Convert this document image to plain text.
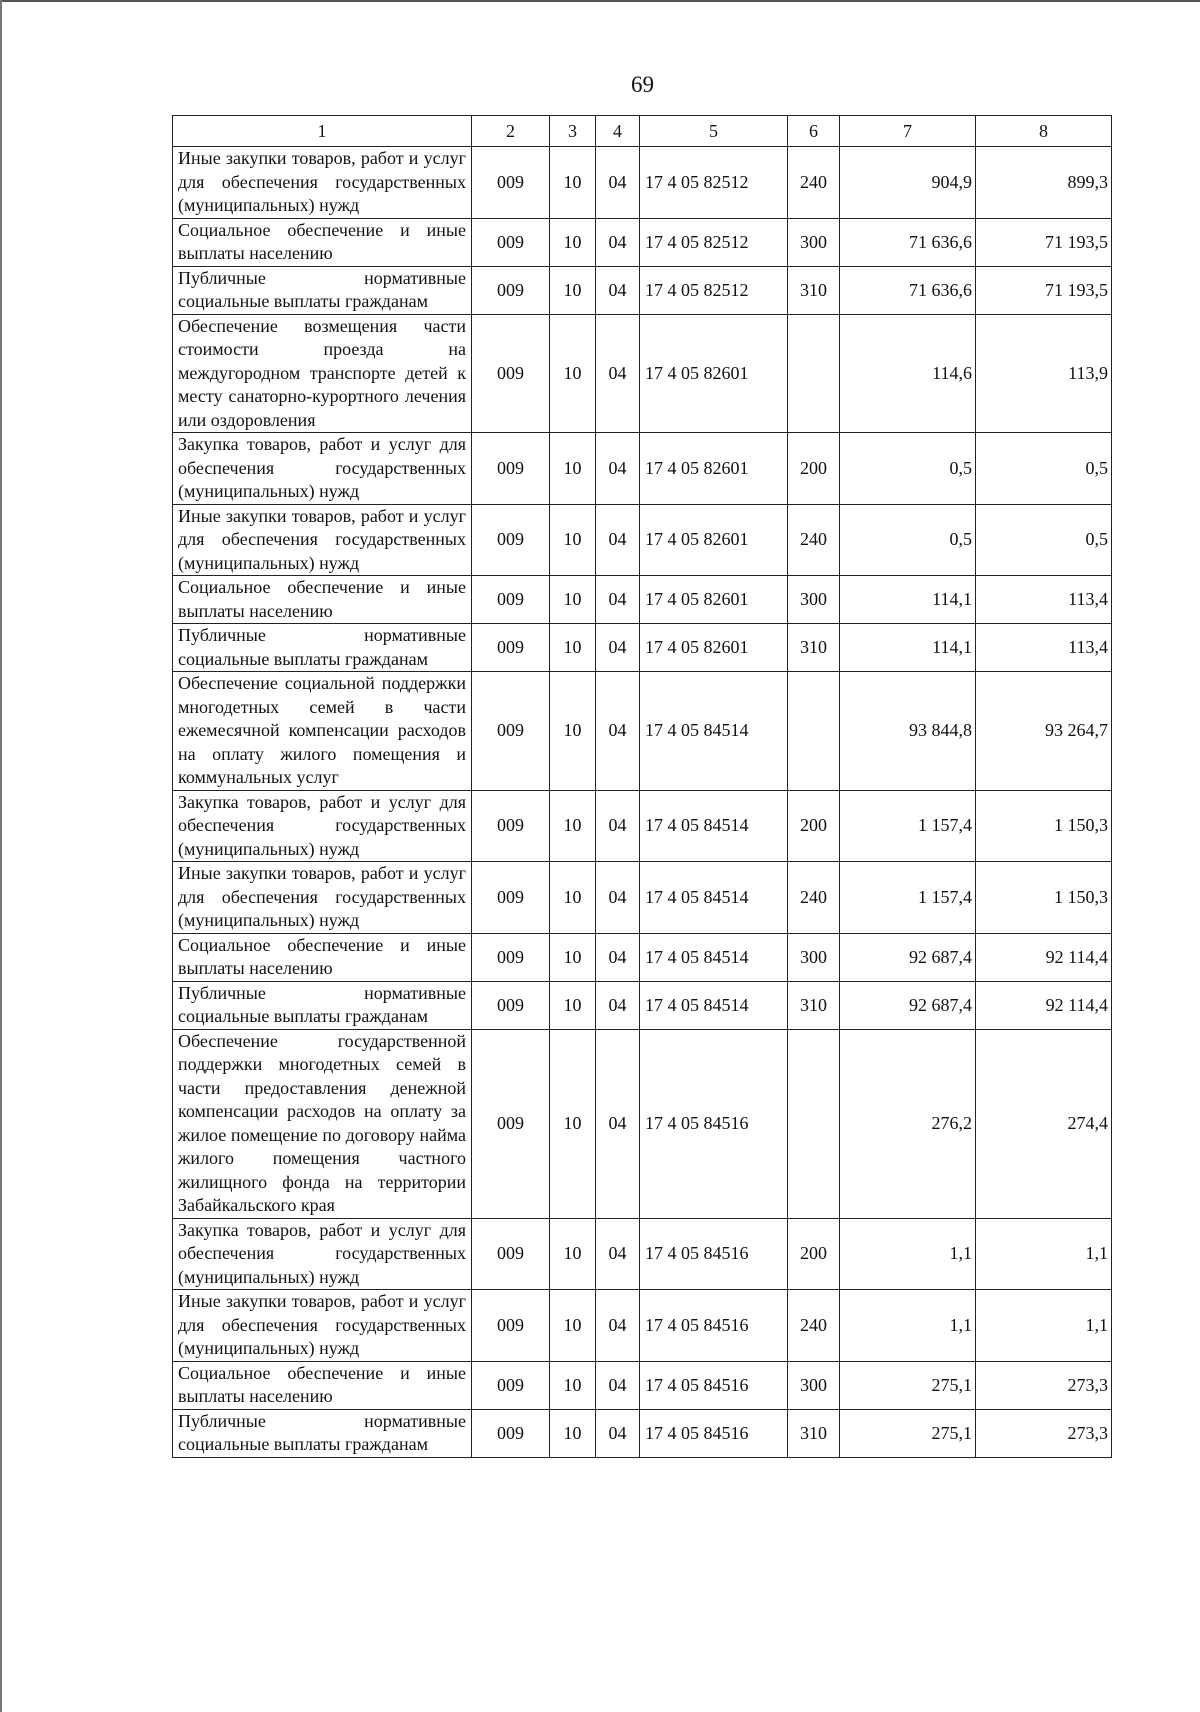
69
1	2	3	4	5	6	7	8
Иные закупки товаров, работ и услуг для обеспечения государственных (муниципальных) нужд	009	10	04	17 4 05 82512	240	904,9	899,3
Социальное обеспечение и иные выплаты населению	009	10	04	17 4 05 82512	300	71 636,6	71 193,5
Публичные нормативные социальные выплаты гражданам	009	10	04	17 4 05 82512	310	71 636,6	71 193,5
Обеспечение возмещения части стоимости проезда на междугородном транспорте детей к месту санаторно-курортного лечения или оздоровления	009	10	04	17 4 05 82601		114,6	113,9
Закупка товаров, работ и услуг для обеспечения государственных (муниципальных) нужд	009	10	04	17 4 05 82601	200	0,5	0,5
Иные закупки товаров, работ и услуг для обеспечения государственных (муниципальных) нужд	009	10	04	17 4 05 82601	240	0,5	0,5
Социальное обеспечение и иные выплаты населению	009	10	04	17 4 05 82601	300	114,1	113,4
Публичные нормативные социальные выплаты гражданам	009	10	04	17 4 05 82601	310	114,1	113,4
Обеспечение социальной поддержки многодетных семей в части ежемесячной компенсации расходов на оплату жилого помещения и коммунальных услуг	009	10	04	17 4 05 84514		93 844,8	93 264,7
Закупка товаров, работ и услуг для обеспечения государственных (муниципальных) нужд	009	10	04	17 4 05 84514	200	1 157,4	1 150,3
Иные закупки товаров, работ и услуг для обеспечения государственных (муниципальных) нужд	009	10	04	17 4 05 84514	240	1 157,4	1 150,3
Социальное обеспечение и иные выплаты населению	009	10	04	17 4 05 84514	300	92 687,4	92 114,4
Публичные нормативные социальные выплаты гражданам	009	10	04	17 4 05 84514	310	92 687,4	92 114,4
Обеспечение государственной поддержки многодетных семей в части предоставления денежной компенсации расходов на оплату за жилое помещение по договору найма жилого помещения частного жилищного фонда на территории Забайкальского края	009	10	04	17 4 05 84516		276,2	274,4
Закупка товаров, работ и услуг для обеспечения государственных (муниципальных) нужд	009	10	04	17 4 05 84516	200	1,1	1,1
Иные закупки товаров, работ и услуг для обеспечения государственных (муниципальных) нужд	009	10	04	17 4 05 84516	240	1,1	1,1
Социальное обеспечение и иные выплаты населению	009	10	04	17 4 05 84516	300	275,1	273,3
Публичные нормативные социальные выплаты гражданам	009	10	04	17 4 05 84516	310	275,1	273,3
